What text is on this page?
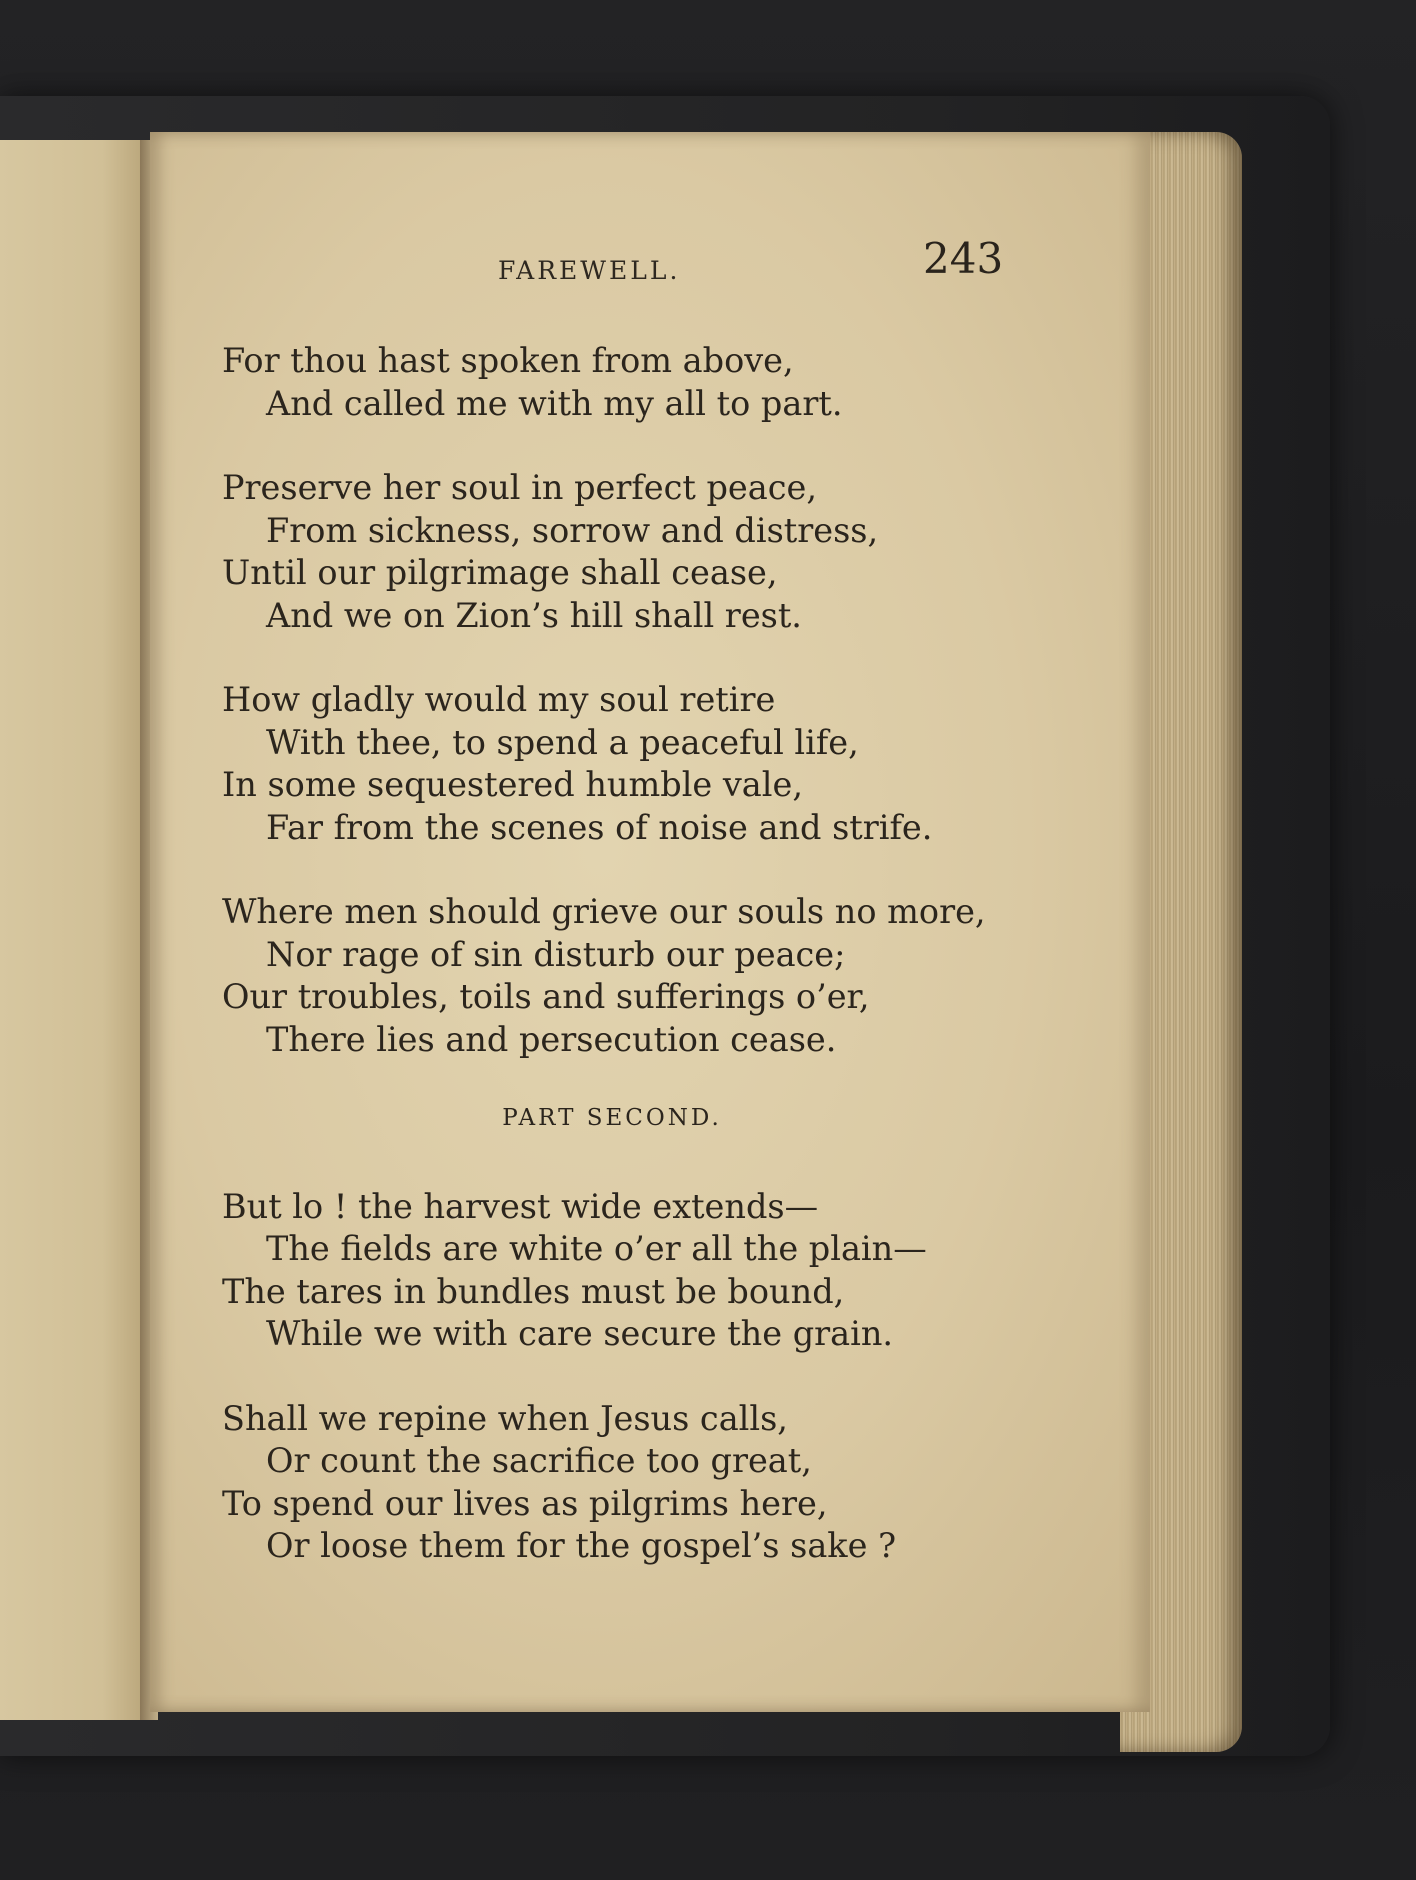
FAREWELL.	243
For thou hast spoken from above,
And called me with my all to part.
Preserve her soul in perfect peace,
From sickness, sorrow and distress,
Until our pilgrimage shall cease,
And we on Zion’s hill shall rest.
How gladly would my soul retire
With thee, to spend a peaceful life,
In some sequestered humble vale,
Far from the scenes of noise and strife.
Where men should grieve our souls no more,
Nor rage of sin disturb our peace;
Our troubles, toils and sufferings o’er,
There lies and persecution cease.
PART SECOND.
But lo ! the harvest wide extends—
The fields are white o’er all the plain—
The tares in bundles must be bound,
While we with care secure the grain.
Shall we repine when Jesus calls,
Or count the sacrifice too great,
To spend our lives as pilgrims here,
Or loose them for the gospel’s sake ?
